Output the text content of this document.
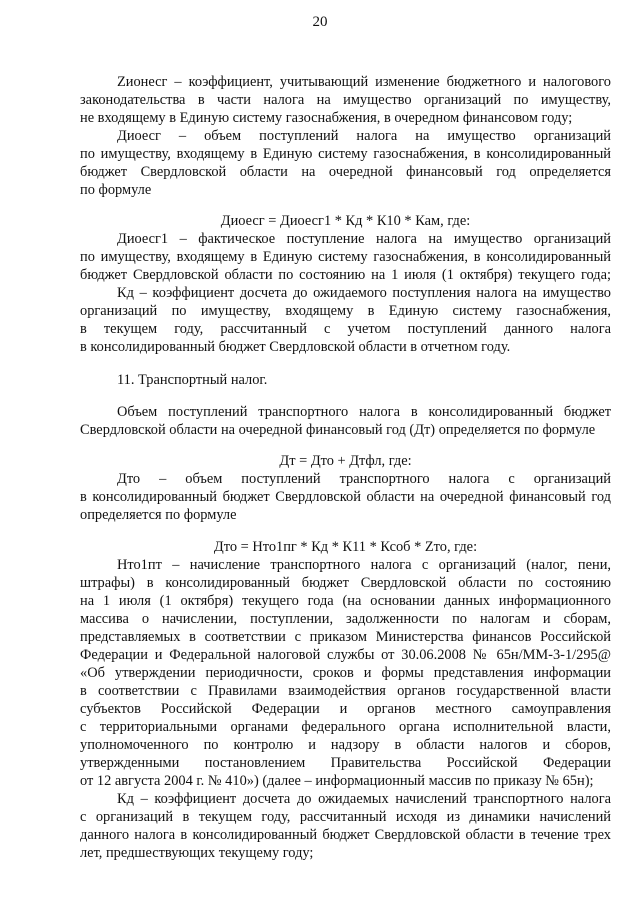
20
Zионесг – коэффициент, учитывающий изменение бюджетного и налогового
законодательства в части налога на имущество организаций по имуществу,
не входящему в Единую систему газоснабжения, в очередном финансовом году;
Диоесг – объем поступлений налога на имущество организаций
по имуществу, входящему в Единую систему газоснабжения, в консолидированный
бюджет Свердловской области на очередной финансовый год определяется
по формуле
Диоесг = Диоесг1 * Кд * К10 * Кам, где:
Диоесг1 – фактическое поступление налога на имущество организаций
по имуществу, входящему в Единую систему газоснабжения, в консолидированный
бюджет Свердловской области по состоянию на 1 июля (1 октября) текущего года;
Кд – коэффициент досчета до ожидаемого поступления налога на имущество
организаций по имуществу, входящему в Единую систему газоснабжения,
в текущем году, рассчитанный с учетом поступлений данного налога
в консолидированный бюджет Свердловской области в отчетном году.
11. Транспортный налог.
Объем поступлений транспортного налога в консолидированный бюджет
Свердловской области на очередной финансовый год (Дт) определяется по формуле
Дт = Дто + Дтфл, где:
Дто – объем поступлений транспортного налога с организаций
в консолидированный бюджет Свердловской области на очередной финансовый год
определяется по формуле
Дто = Нто1пг * Кд * К11 * Ксоб * Zто, где:
Нто1пт – начисление транспортного налога с организаций (налог, пени,
штрафы) в консолидированный бюджет Свердловской области по состоянию
на 1 июля (1 октября) текущего года (на основании данных информационного
массива о начислении, поступлении, задолженности по налогам и сборам,
представляемых в соответствии с приказом Министерства финансов Российской
Федерации и Федеральной налоговой службы от 30.06.2008 № 65н/ММ-3-1/295@
«Об утверждении периодичности, сроков и формы представления информации
в соответствии с Правилами взаимодействия органов государственной власти
субъектов Российской Федерации и органов местного самоуправления
с территориальными органами федерального органа исполнительной власти,
уполномоченного по контролю и надзору в области налогов и сборов,
утвержденными постановлением Правительства Российской Федерации
от 12 августа 2004 г. № 410») (далее – информационный массив по приказу № 65н);
Кд – коэффициент досчета до ожидаемых начислений транспортного налога
с организаций в текущем году, рассчитанный исходя из динамики начислений
данного налога в консолидированный бюджет Свердловской области в течение трех
лет, предшествующих текущему году;
